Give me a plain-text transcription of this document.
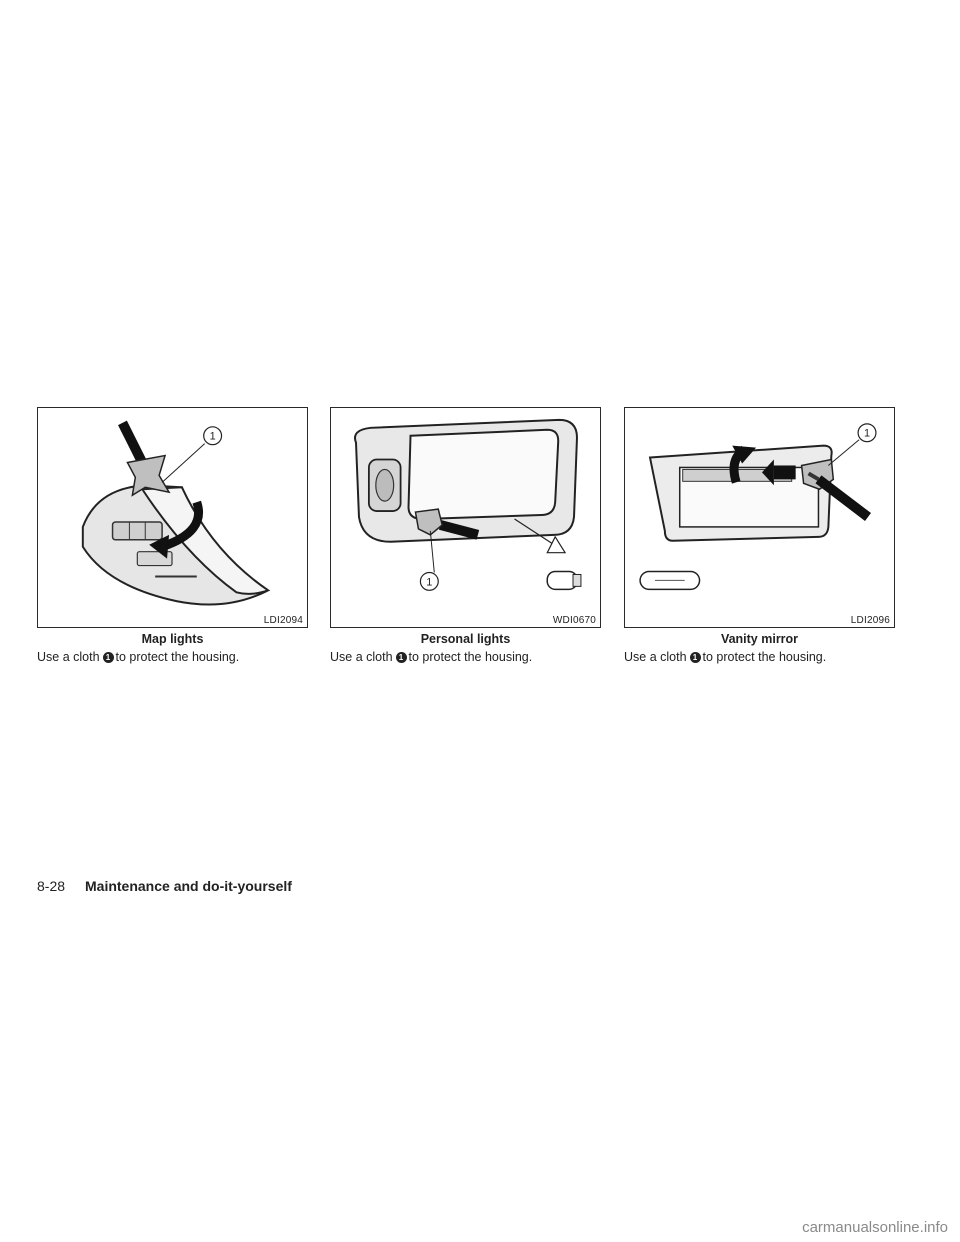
1
LDI2094
Map lights
Use a cloth 1 to protect the housing.
1
WDI0670
Personal lights
Use a cloth 1 to protect the housing.
1
LDI2096
Vanity mirror
Use a cloth 1 to protect the housing.
8-28 Maintenance and do-it-yourself
carmanualsonline.info
